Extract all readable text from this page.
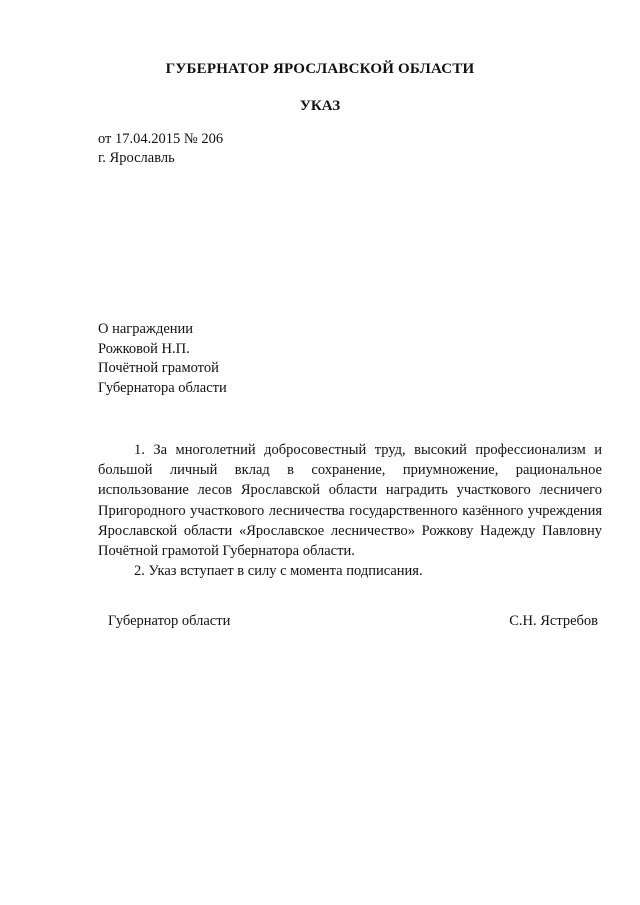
ГУБЕРНАТОР ЯРОСЛАВСКОЙ ОБЛАСТИ
УКАЗ
от 17.04.2015 № 206
г. Ярославль
О награждении
Рожковой Н.П.
Почётной грамотой
Губернатора области

1. За многолетний добросовестный труд, высокий профессионализм и большой личный вклад в сохранение, приумножение, рациональное использование лесов Ярославской области наградить участкового лесничего Пригородного участкового лесничества государственного казённого учреждения Ярославской области «Ярославское лесничество» Рожкову Надежду Павловну Почётной грамотой Губернатора области.

2. Указ вступает в силу с момента подписания.

Губернатор области	С.Н. Ястребов
